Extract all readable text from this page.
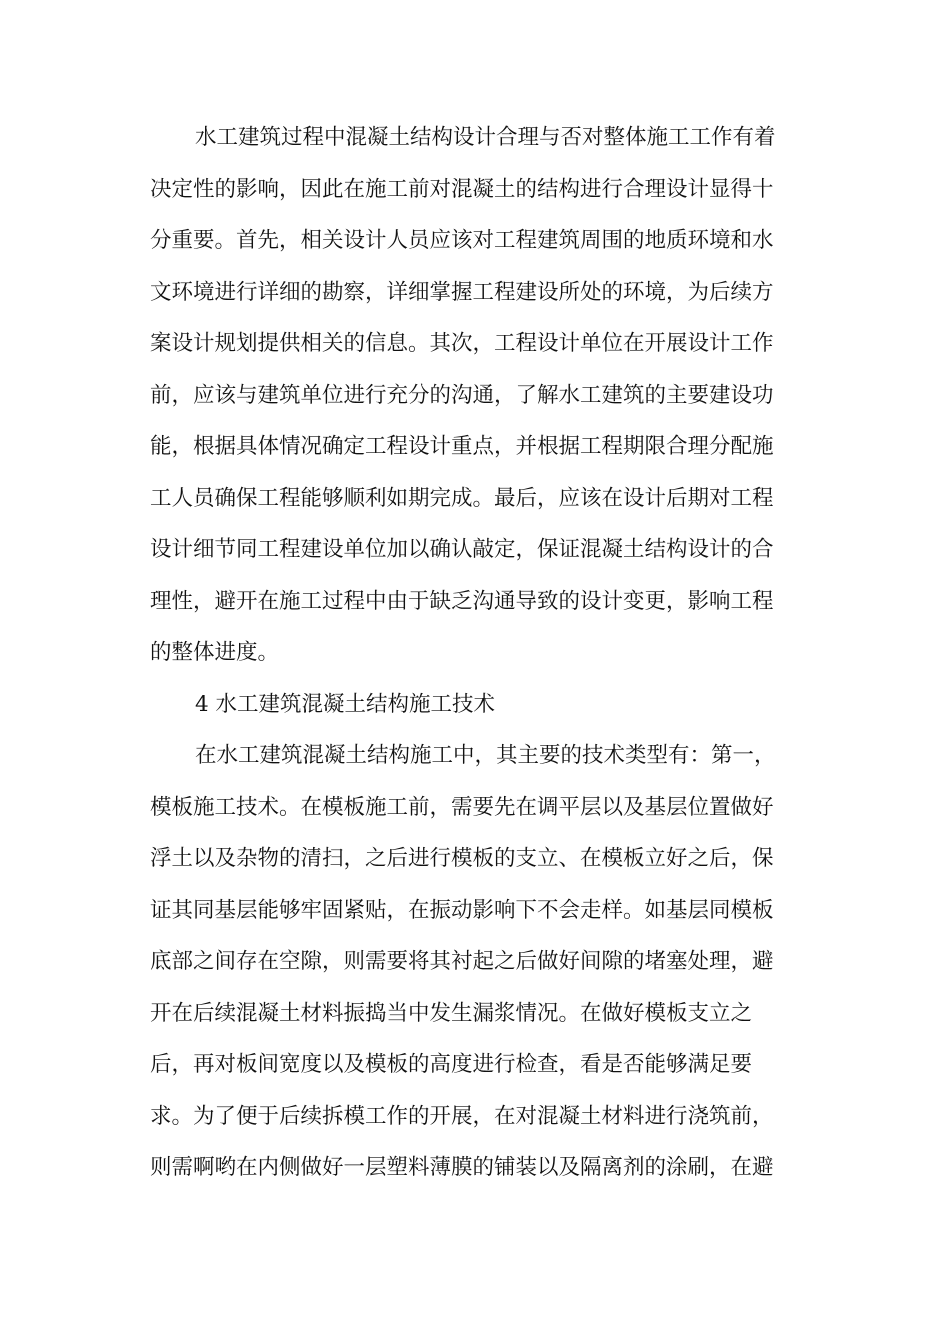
水工建筑过程中混凝土结构设计合理与否对整体施工工作有着
决定性的影响，因此在施工前对混凝土的结构进行合理设计显得十
分重要。首先，相关设计人员应该对工程建筑周围的地质环境和水
文环境进行详细的勘察，详细掌握工程建设所处的环境，为后续方
案设计规划提供相关的信息。其次，工程设计单位在开展设计工作
前，应该与建筑单位进行充分的沟通，了解水工建筑的主要建设功
能，根据具体情况确定工程设计重点，并根据工程期限合理分配施
工人员确保工程能够顺利如期完成。最后，应该在设计后期对工程
设计细节同工程建设单位加以确认敲定，保证混凝土结构设计的合
理性，避开在施工过程中由于缺乏沟通导致的设计变更，影响工程
的整体进度。
4 水工建筑混凝土结构施工技术
在水工建筑混凝土结构施工中，其主要的技术类型有：第一，
模板施工技术。在模板施工前，需要先在调平层以及基层位置做好
浮土以及杂物的清扫，之后进行模板的支立、在模板立好之后，保
证其同基层能够牢固紧贴，在振动影响下不会走样。如基层同模板
底部之间存在空隙，则需要将其衬起之后做好间隙的堵塞处理，避
开在后续混凝土材料振捣当中发生漏浆情况。在做好模板支立之
后，再对板间宽度以及模板的高度进行检查，看是否能够满足要
求。为了便于后续拆模工作的开展，在对混凝土材料进行浇筑前，
则需啊哟在内侧做好一层塑料薄膜的铺装以及隔离剂的涂刷，在避
